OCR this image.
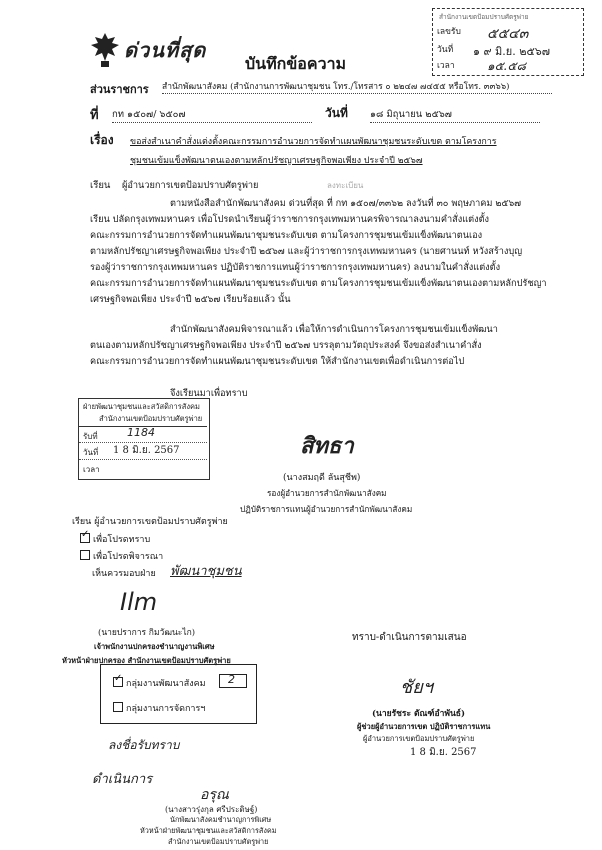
ด่วนที่สุด
บันทึกข้อความ
สำนักงานเขตป้อมปราบศัตรูพ่าย
เลขรับ ๕๕๔๓
วันที่ ๑ ๙ มิ.ย. ๒๕๖๗
เวลา	๑๕.๕๘
ส่วนราชการ สำนักพัฒนาสังคม (สำนักงานการพัฒนาชุมชน โทร./โทรสาร ๐ ๒๒๔๗ ๗๔๕๕ หรือโทร. ๓๓๖๖)
ที่ กท ๑๕๐๗/ ๖๕๐๗	วันที่ ๑๘ มิถุนายน ๒๕๖๗
เรื่อง ขอส่งสำเนาคำสั่งแต่งตั้งคณะกรรมการอำนวยการจัดทำแผนพัฒนาชุมชนระดับเขต ตามโครงการ
ชุมชนเข้มแข็งพัฒนาตนเองตามหลักปรัชญาเศรษฐกิจพอเพียง ประจำปี ๒๕๖๗
เรียน ผู้อำนวยการเขตป้อมปราบศัตรูพ่าย	ลงทะเบียน
ตามหนังสือสำนักพัฒนาสังคม ด่วนที่สุด ที่ กท ๑๕๐๗/๓๓๖๒ ลงวันที่ ๓๐ พฤษภาคม ๒๕๖๗
เรียน ปลัดกรุงเทพมหานคร เพื่อโปรดนำเรียนผู้ว่าราชการกรุงเทพมหานครพิจารณาลงนามคำสั่งแต่งตั้ง
คณะกรรมการอำนวยการจัดทำแผนพัฒนาชุมชนระดับเขต ตามโครงการชุมชนเข้มแข็งพัฒนาตนเอง
ตามหลักปรัชญาเศรษฐกิจพอเพียง ประจำปี ๒๕๖๗ และผู้ว่าราชการกรุงเทพมหานคร (นายศานนท์ หวังสร้างบุญ
รองผู้ว่าราชการกรุงเทพมหานคร ปฏิบัติราชการแทนผู้ว่าราชการกรุงเทพมหานคร) ลงนามในคำสั่งแต่งตั้ง
คณะกรรมการอำนวยการจัดทำแผนพัฒนาชุมชนระดับเขต ตามโครงการชุมชนเข้มแข็งพัฒนาตนเองตามหลักปรัชญา
เศรษฐกิจพอเพียง ประจำปี ๒๕๖๗ เรียบร้อยแล้ว นั้น
สำนักพัฒนาสังคมพิจารณาแล้ว เพื่อให้การดำเนินการโครงการชุมชนเข้มแข็งพัฒนา
ตนเองตามหลักปรัชญาเศรษฐกิจพอเพียง ประจำปี ๒๕๖๗ บรรลุตามวัตถุประสงค์ จึงขอส่งสำเนาคำสั่ง
คณะกรรมการอำนวยการจัดทำแผนพัฒนาชุมชนระดับเขต ให้สำนักงานเขตเพื่อดำเนินการต่อไป
จึงเรียนมาเพื่อทราบ
ฝ่ายพัฒนาชุมชนและสวัสดิการสังคม
สำนักงานเขตป้อมปราบศัตรูพ่าย
รับที่	1184
วันที่ 1 8 มิ.ย. 2567
เวลา
สิทธา
(นางสมฤดี ลันสุชีพ)
รองผู้อำนวยการสำนักพัฒนาสังคม
ปฏิบัติราชการแทนผู้อำนวยการสำนักพัฒนาสังคม
เรียน ผู้อำนวยการเขตป้อมปราบศัตรูพ่าย
✓เพื่อโปรดทราบ
เพื่อโปรดพิจารณา
เห็นควรมอบฝ่าย พัฒนาชุมชน
Ilm
(นายปราการ กิมวัฒนะไก)
เจ้าพนักงานปกครองชำนาญงานพิเศษ
หัวหน้าฝ่ายปกครอง สำนักงานเขตป้อมปราบศัตรูพ่าย
✓กลุ่มงานพัฒนาสังคม 2
กลุ่มงานการจัดการฯ
ทราบ-ดำเนินการตามเสนอ
ชัยฯ
(นายรัชระ ตัณฑ์อำพันธ์)
ผู้ช่วยผู้อำนวยการเขต ปฏิบัติราชการแทน
ผู้อำนวยการเขตป้อมปราบศัตรูพ่าย
1 8 มิ.ย. 2567
ลงชื่อรับทราบ
ดำเนินการ
อรุณ
(นางสาวรุ่งกุล ศรีประดิษฐ์)
นักพัฒนาสังคมชำนาญการพิเศษ
หัวหน้าฝ่ายพัฒนาชุมชนและสวัสดิการสังคม
สำนักงานเขตป้อมปราบศัตรูพ่าย
